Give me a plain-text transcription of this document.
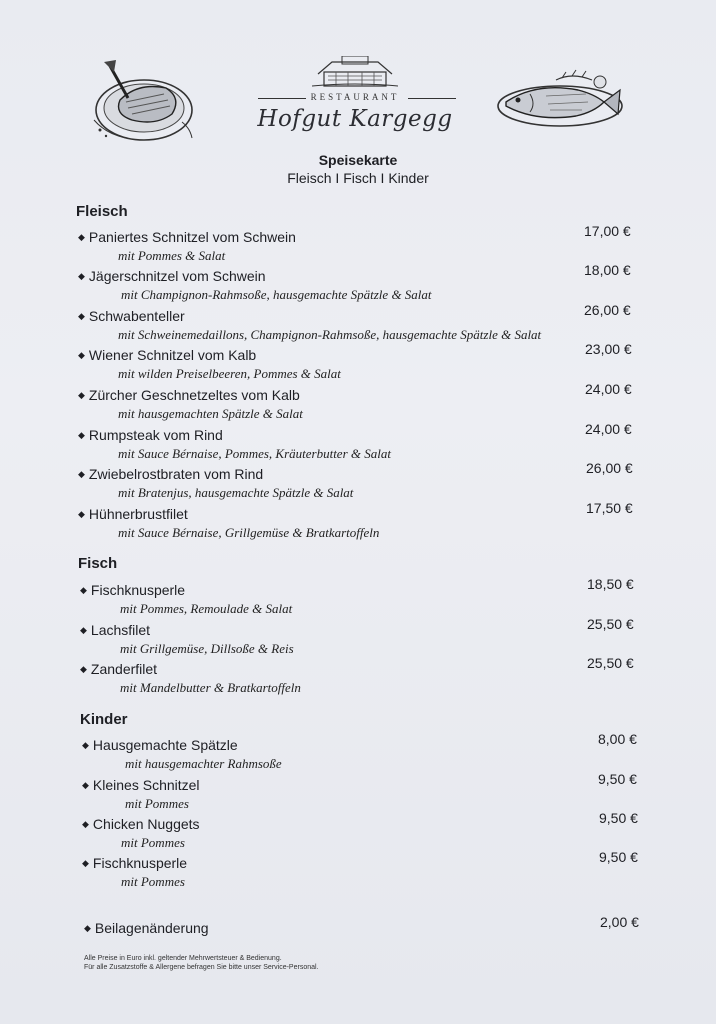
RESTAURANT
Hofgut Kargegg
Speisekarte
Fleisch I Fisch I Kinder
Fleisch
◆ Paniertes Schnitzel vom Schwein
mit Pommes & Salat
17,00 €
◆ Jägerschnitzel vom Schwein
mit Champignon-Rahmsoße, hausgemachte Spätzle & Salat
18,00 €
◆ Schwabenteller
mit Schweinemedaillons, Champignon-Rahmsoße, hausgemachte Spätzle & Salat
26,00 €
◆ Wiener Schnitzel vom Kalb
mit wilden Preiselbeeren, Pommes & Salat
23,00 €
◆ Zürcher Geschnetzeltes vom Kalb
mit hausgemachten Spätzle & Salat
24,00 €
◆ Rumpsteak vom Rind
mit Sauce Bérnaise, Pommes, Kräuterbutter & Salat
24,00 €
◆ Zwiebelrostbraten vom Rind
mit Bratenjus, hausgemachte Spätzle & Salat
26,00 €
◆ Hühnerbrustfilet
mit Sauce Bérnaise, Grillgemüse & Bratkartoffeln
17,50 €
Fisch
◆ Fischknusperle
mit Pommes, Remoulade & Salat
18,50 €
◆ Lachsfilet
mit Grillgemüse, Dillsoße & Reis
25,50 €
◆ Zanderfilet
mit Mandelbutter & Bratkartoffeln
25,50 €
Kinder
◆ Hausgemachte Spätzle
mit hausgemachter Rahmsoße
8,00 €
◆ Kleines Schnitzel
mit Pommes
9,50 €
◆ Chicken Nuggets
mit Pommes
9,50 €
◆ Fischknusperle
mit Pommes
9,50 €
◆ Beilagenänderung	2,00 €
Alle Preise in Euro inkl. geltender Mehrwertsteuer & Bedienung.
Für alle Zusatzstoffe & Allergene befragen Sie bitte unser Service-Personal.
